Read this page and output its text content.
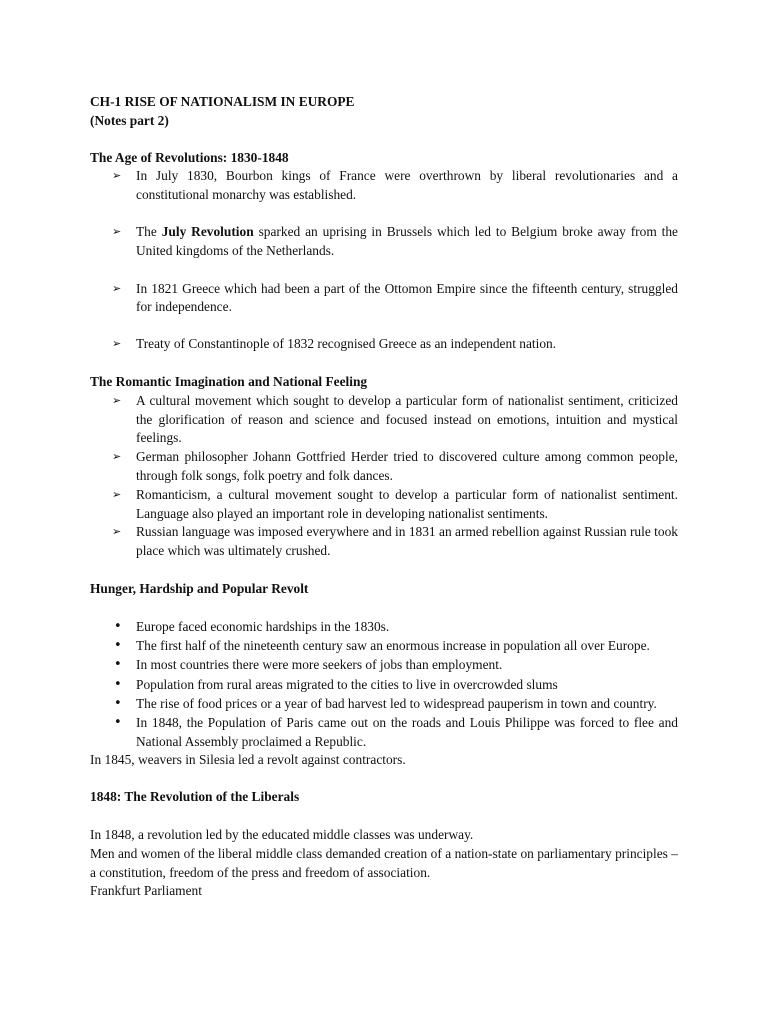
CH-1 RISE OF NATIONALISM IN EUROPE

(Notes part 2)

The Age of Revolutions: 1830-1848

➢	In July 1830, Bourbon kings of France were overthrown by liberal revolutionaries and a constitutional monarchy was established.
➢	The July Revolution sparked an uprising in Brussels which led to Belgium broke away from the United kingdoms of the Netherlands.
➢	In 1821 Greece which had been a part of the Ottomon Empire since the fifteenth century, struggled for independence.
➢	Treaty of Constantinople of 1832 recognised Greece as an independent nation.

The Romantic Imagination and National Feeling

➢	A cultural movement which sought to develop a particular form of nationalist sentiment, criticized the glorification of reason and science and focused instead on emotions, intuition and mystical feelings.
➢	German philosopher Johann Gottfried Herder tried to discovered culture among common people, through folk songs, folk poetry and folk dances.
➢	Romanticism, a cultural movement sought to develop a particular form of nationalist sentiment. Language also played an important role in developing nationalist sentiments.
➢	Russian language was imposed everywhere and in 1831 an armed rebellion against Russian rule took place which was ultimately crushed.

Hunger, Hardship and Popular Revolt

•	Europe faced economic hardships in the 1830s.
•	The first half of the nineteenth century saw an enormous increase in population all over Europe.
•	In most countries there were more seekers of jobs than employment.
•	Population from rural areas migrated to the cities to live in overcrowded slums
•	The rise of food prices or a year of bad harvest led to widespread pauperism in town and country.
•	In 1848, the Population of Paris came out on the roads and Louis Philippe was forced to flee and National Assembly proclaimed a Republic.

In 1845, weavers in Silesia led a revolt against contractors.

1848: The Revolution of the Liberals

In 1848, a revolution led by the educated middle classes was underway.

Men and women of the liberal middle class demanded creation of a nation-state on parliamentary principles – a constitution, freedom of the press and freedom of association.

Frankfurt Parliament
